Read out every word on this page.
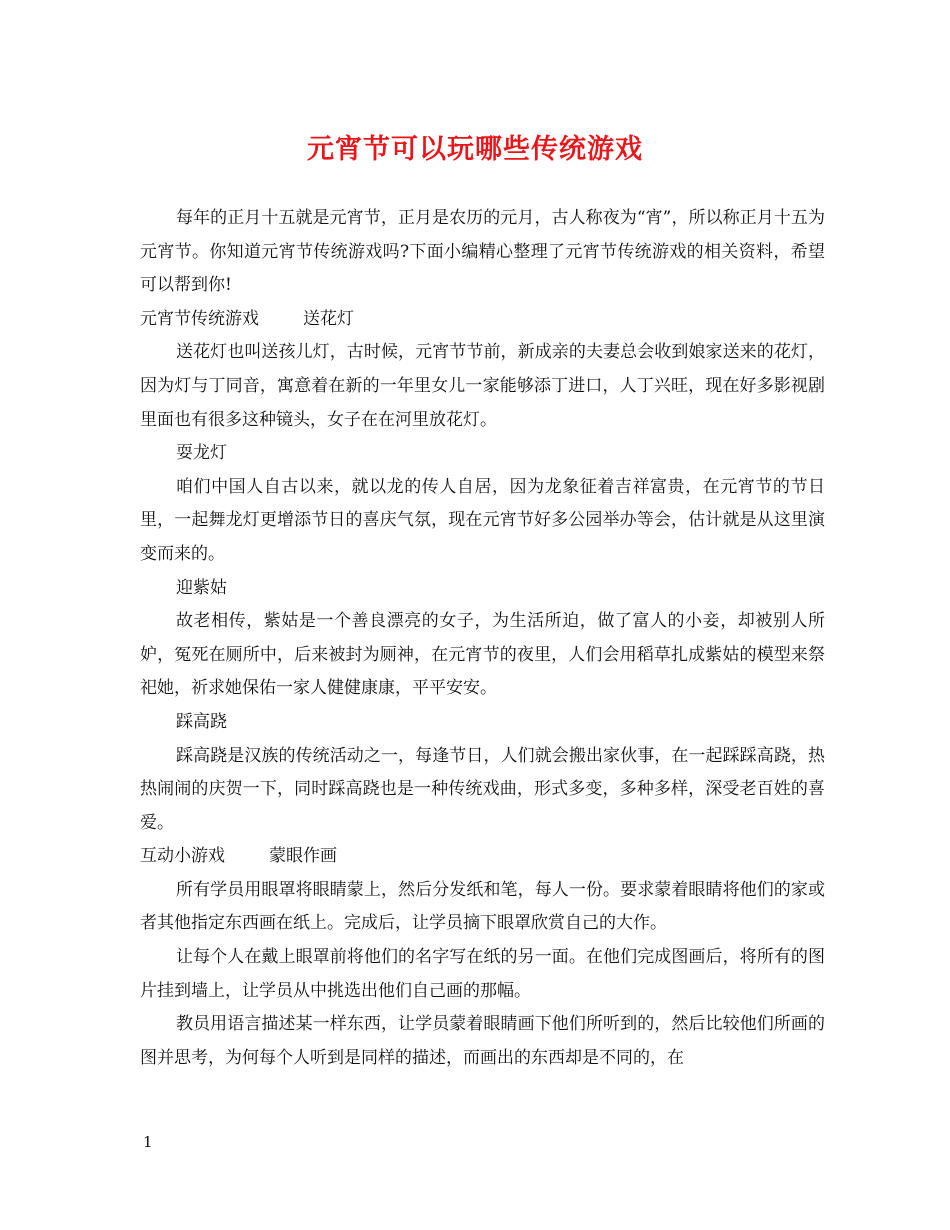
元宵节可以玩哪些传统游戏

每年的正月十五就是元宵节，正月是农历的元月，古人称夜为“宵”，所以称正月十五为元宵节。你知道元宵节传统游戏吗?下面小编精心整理了元宵节传统游戏的相关资料，希望可以帮到你!

元宵节传统游戏	送花灯

送花灯也叫送孩儿灯，古时候，元宵节节前，新成亲的夫妻总会收到娘家送来的花灯，因为灯与丁同音，寓意着在新的一年里女儿一家能够添丁进口，人丁兴旺，现在好多影视剧里面也有很多这种镜头，女子在在河里放花灯。

耍龙灯

咱们中国人自古以来，就以龙的传人自居，因为龙象征着吉祥富贵，在元宵节的节日里，一起舞龙灯更增添节日的喜庆气氛，现在元宵节好多公园举办等会，估计就是从这里演变而来的。

迎紫姑

故老相传，紫姑是一个善良漂亮的女子，为生活所迫，做了富人的小妾，却被别人所妒，冤死在厕所中，后来被封为厕神，在元宵节的夜里，人们会用稻草扎成紫姑的模型来祭祀她，祈求她保佑一家人健健康康，平平安安。

踩高跷

踩高跷是汉族的传统活动之一，每逢节日，人们就会搬出家伙事，在一起踩踩高跷，热热闹闹的庆贺一下，同时踩高跷也是一种传统戏曲，形式多变，多种多样，深受老百姓的喜爱。

互动小游戏	蒙眼作画

所有学员用眼罩将眼睛蒙上，然后分发纸和笔，每人一份。要求蒙着眼睛将他们的家或者其他指定东西画在纸上。完成后，让学员摘下眼罩欣赏自己的大作。

让每个人在戴上眼罩前将他们的名字写在纸的另一面。在他们完成图画后，将所有的图片挂到墙上，让学员从中挑选出他们自己画的那幅。

教员用语言描述某一样东西，让学员蒙着眼睛画下他们所听到的，然后比较他们所画的图并思考，为何每个人听到是同样的描述，而画出的东西却是不同的，在

1
